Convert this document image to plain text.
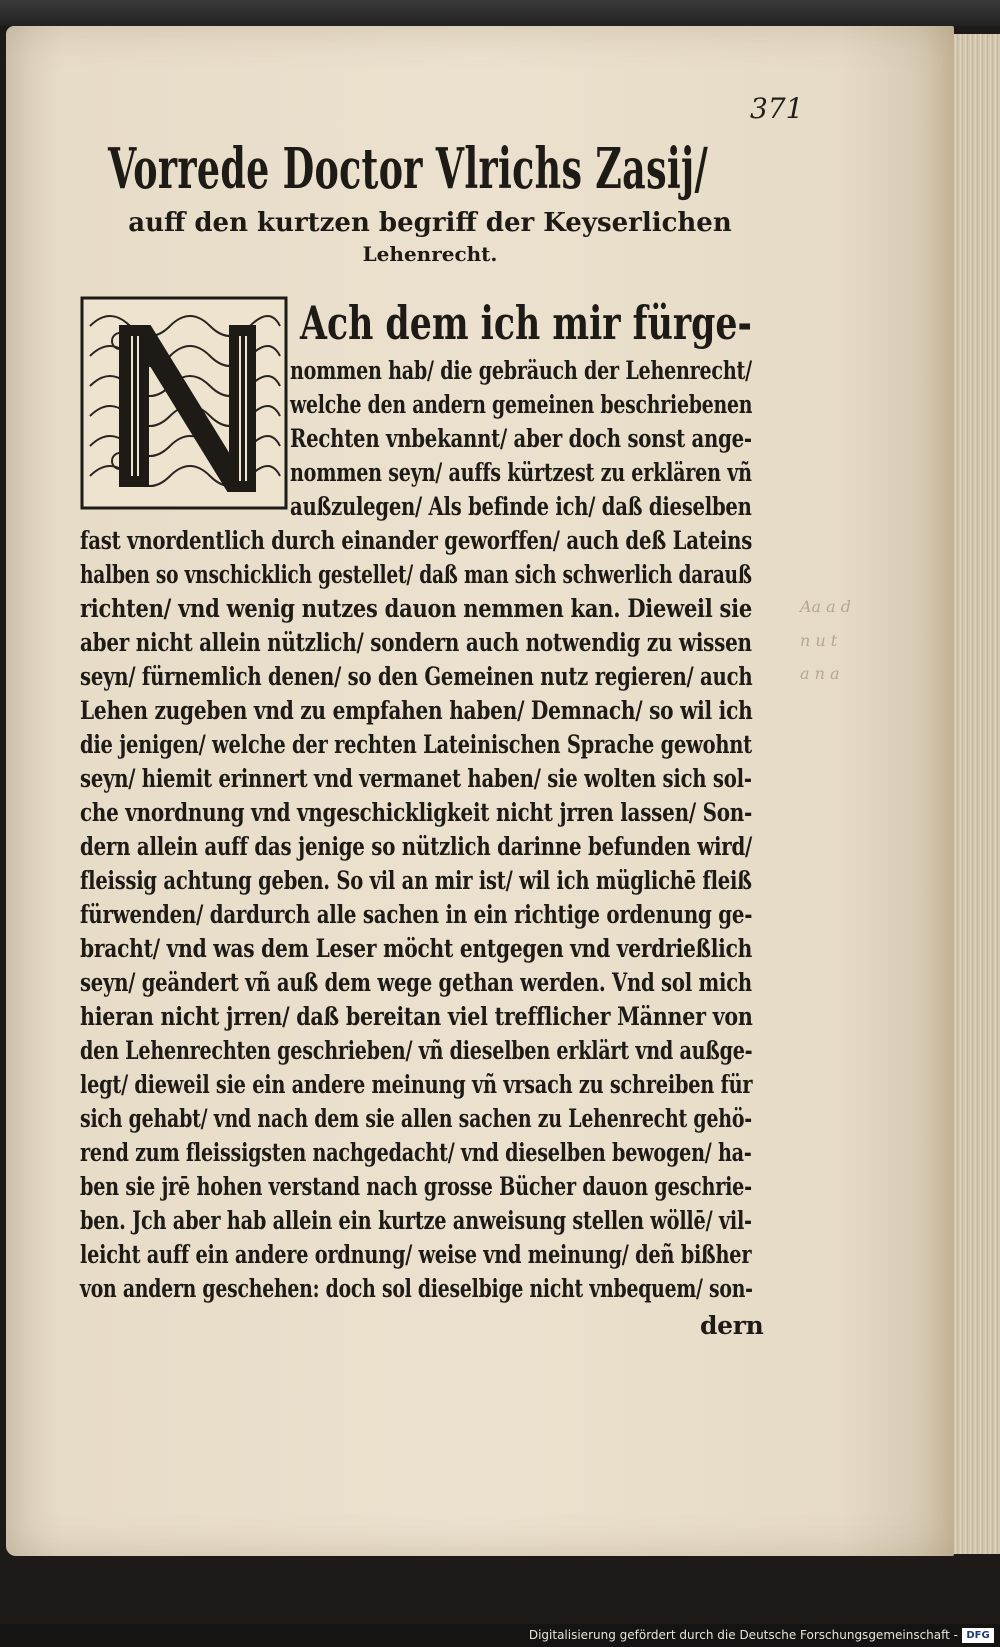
371
Vorrede Doctor Vlrichs Zasij/
auff den kurtzen begriff der Keyserlichen
Lehenrecht.
Ach dem ich mir fürge-
nommen hab/ die gebräuch der Lehenrecht/
welche den andern gemeinen beschriebenen
Rechten vnbekannt/ aber doch sonst ange-
nommen seyn/ auffs kürtzest zu erklären vñ
außzulegen/ Als befinde ich/ daß dieselben
fast vnordentlich durch einander geworffen/ auch deß Lateins
halben so vnschicklich gestellet/ daß man sich schwerlich darauß
richten/ vnd wenig nutzes dauon nemmen kan. Dieweil sie
aber nicht allein nützlich/ sondern auch notwendig zu wissen
seyn/ fürnemlich denen/ so den Gemeinen nutz regieren/ auch
Lehen zugeben vnd zu empfahen haben/ Demnach/ so wil ich
die jenigen/ welche der rechten Lateinischen Sprache gewohnt
seyn/ hiemit erinnert vnd vermanet haben/ sie wolten sich sol-
che vnordnung vnd vngeschickligkeit nicht jrren lassen/ Son-
dern allein auff das jenige so nützlich darinne befunden wird/
fleissig achtung geben. So vil an mir ist/ wil ich müglichē fleiß
fürwenden/ dardurch alle sachen in ein richtige ordenung ge-
bracht/ vnd was dem Leser möcht entgegen vnd verdrießlich
seyn/ geändert vñ auß dem wege gethan werden. Vnd sol mich
hieran nicht jrren/ daß bereitan viel trefflicher Männer von
den Lehenrechten geschrieben/ vñ dieselben erklärt vnd außge-
legt/ dieweil sie ein andere meinung vñ vrsach zu schreiben für
sich gehabt/ vnd nach dem sie allen sachen zu Lehenrecht gehö-
rend zum fleissigsten nachgedacht/ vnd dieselben bewogen/ ha-
ben sie jrē hohen verstand nach grosse Bücher dauon geschrie-
ben. Jch aber hab allein ein kurtze anweisung stellen wöllē/ vil-
leicht auff ein andere ordnung/ weise vnd meinung/ deñ bißher
von andern geschehen: doch sol dieselbige nicht vnbequem/ son-
dern
Aa a d
n u t
a n a
Digitalisierung gefördert durch die Deutsche Forschungsgemeinschaft - DFG
